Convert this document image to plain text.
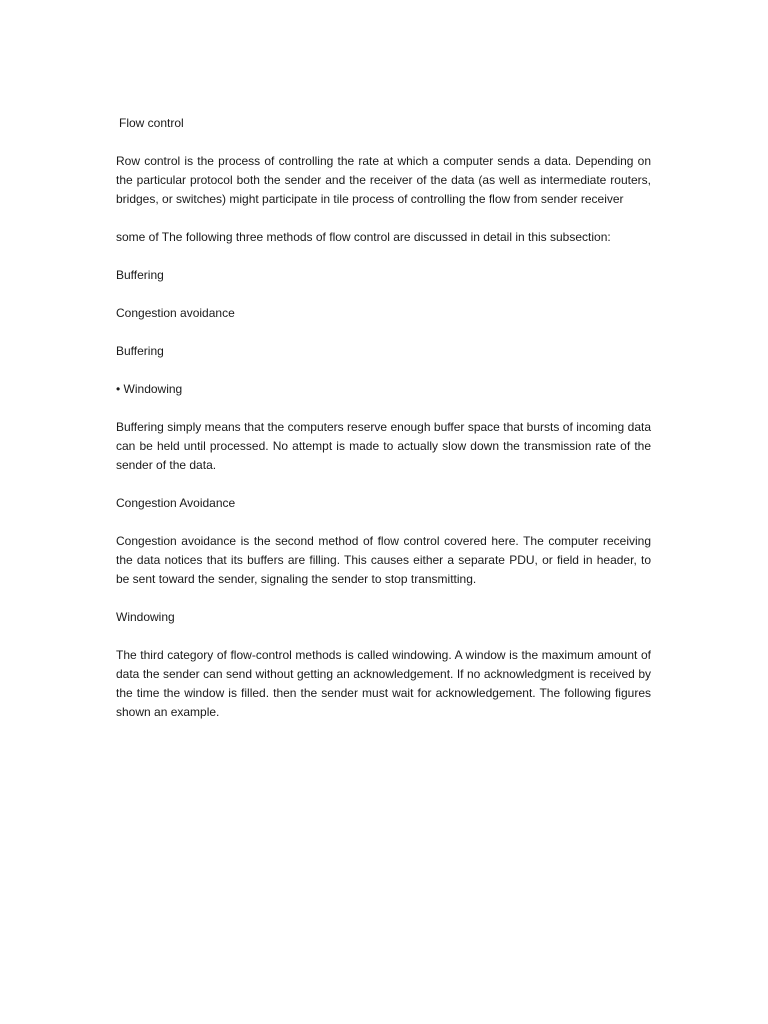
Flow control

Row control is the process of controlling the rate at which a computer sends a data. Depending on the particular protocol both the sender and the receiver of the data (as well as intermediate routers, bridges, or switches) might participate in tile process of controlling the flow from sender receiver

some of The following three methods of flow control are discussed in detail in this subsection:

Buffering

Congestion avoidance

Buffering

• Windowing

Buffering simply means that the computers reserve enough buffer space that bursts of incoming data can be held until processed. No attempt is made to actually slow down the transmission rate of the sender of the data.

Congestion Avoidance

Congestion avoidance is the second method of flow control covered here. The computer receiving the data notices that its buffers are filling. This causes either a separate PDU, or field in header, to be sent toward the sender, signaling the sender to stop transmitting.

Windowing

The third category of flow-control methods is called windowing. A window is the maximum amount of data the sender can send without getting an acknowledgement. If no acknowledgment is received by the time the window is filled. then the sender must wait for acknowledgement. The following figures shown an example.
